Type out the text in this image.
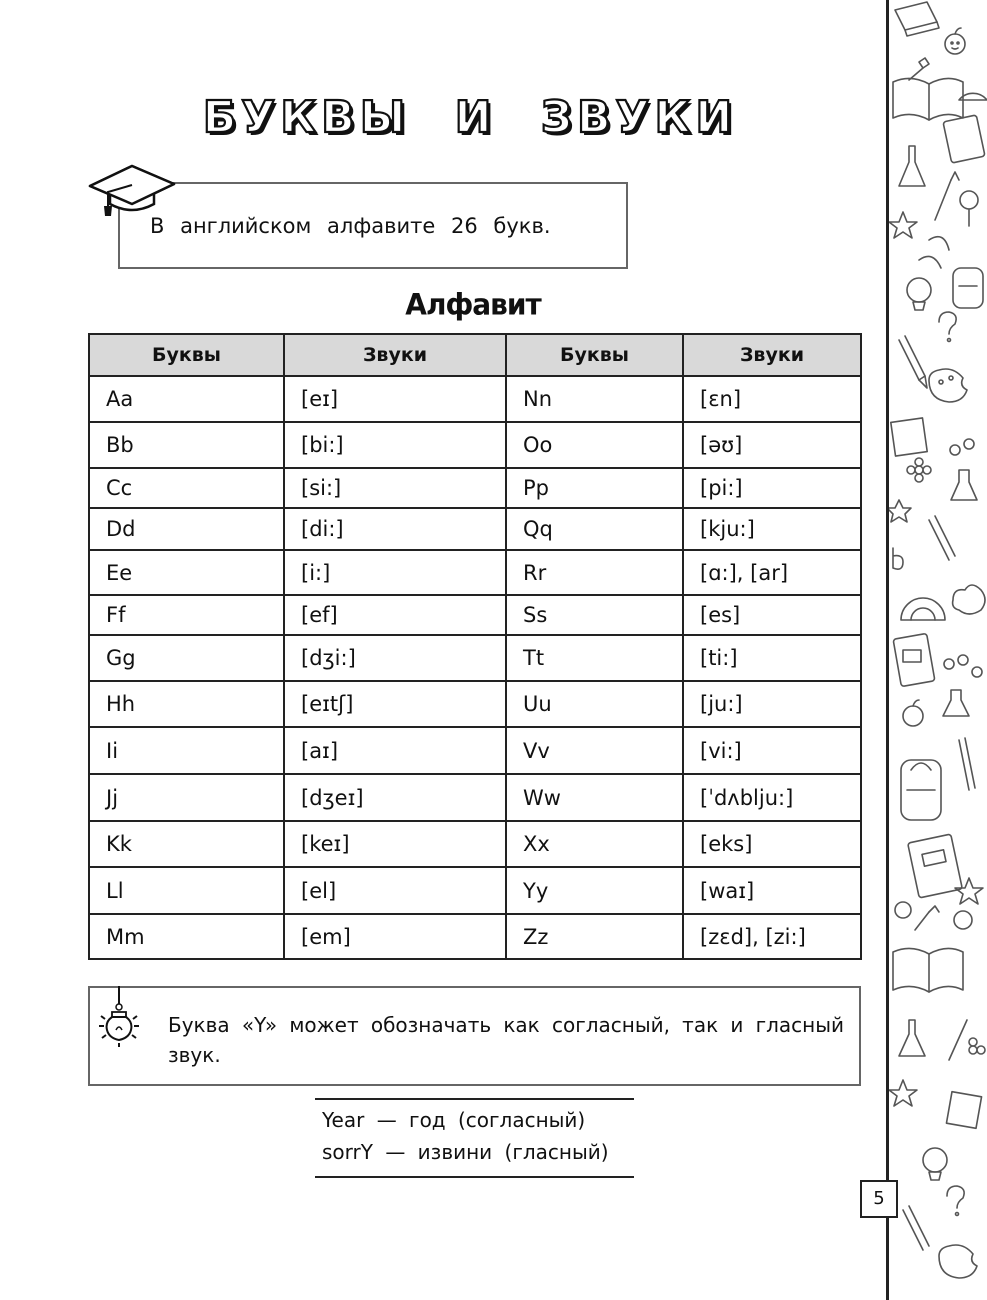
БУКВЫ И ЗВУКИ
В английском алфавите 26 букв.
Алфавит
Буквы	Звуки	Буквы	Звуки
Aa	[eɪ]	Nn	[ɛn]
Bb	[bi:]	Oo	[əʊ]
Cc	[si:]	Pp	[pi:]
Dd	[di:]	Qq	[kju:]
Ee	[i:]	Rr	[ɑ:], [ar]
Ff	[ef]	Ss	[es]
Gg	[dʒi:]	Tt	[ti:]
Hh	[eɪtʃ]	Uu	[ju:]
Ii	[aɪ]	Vv	[vi:]
Jj	[dʒeɪ]	Ww	[ˈdʌblju:]
Kk	[keɪ]	Xx	[eks]
Ll	[el]	Yy	[waɪ]
Mm	[em]	Zz	[zɛd], [zi:]
Буква «Y» может обозначать как согласный, так и гласный звук.
Year — год (согласный)
sorrY — извини (гласный)
5
